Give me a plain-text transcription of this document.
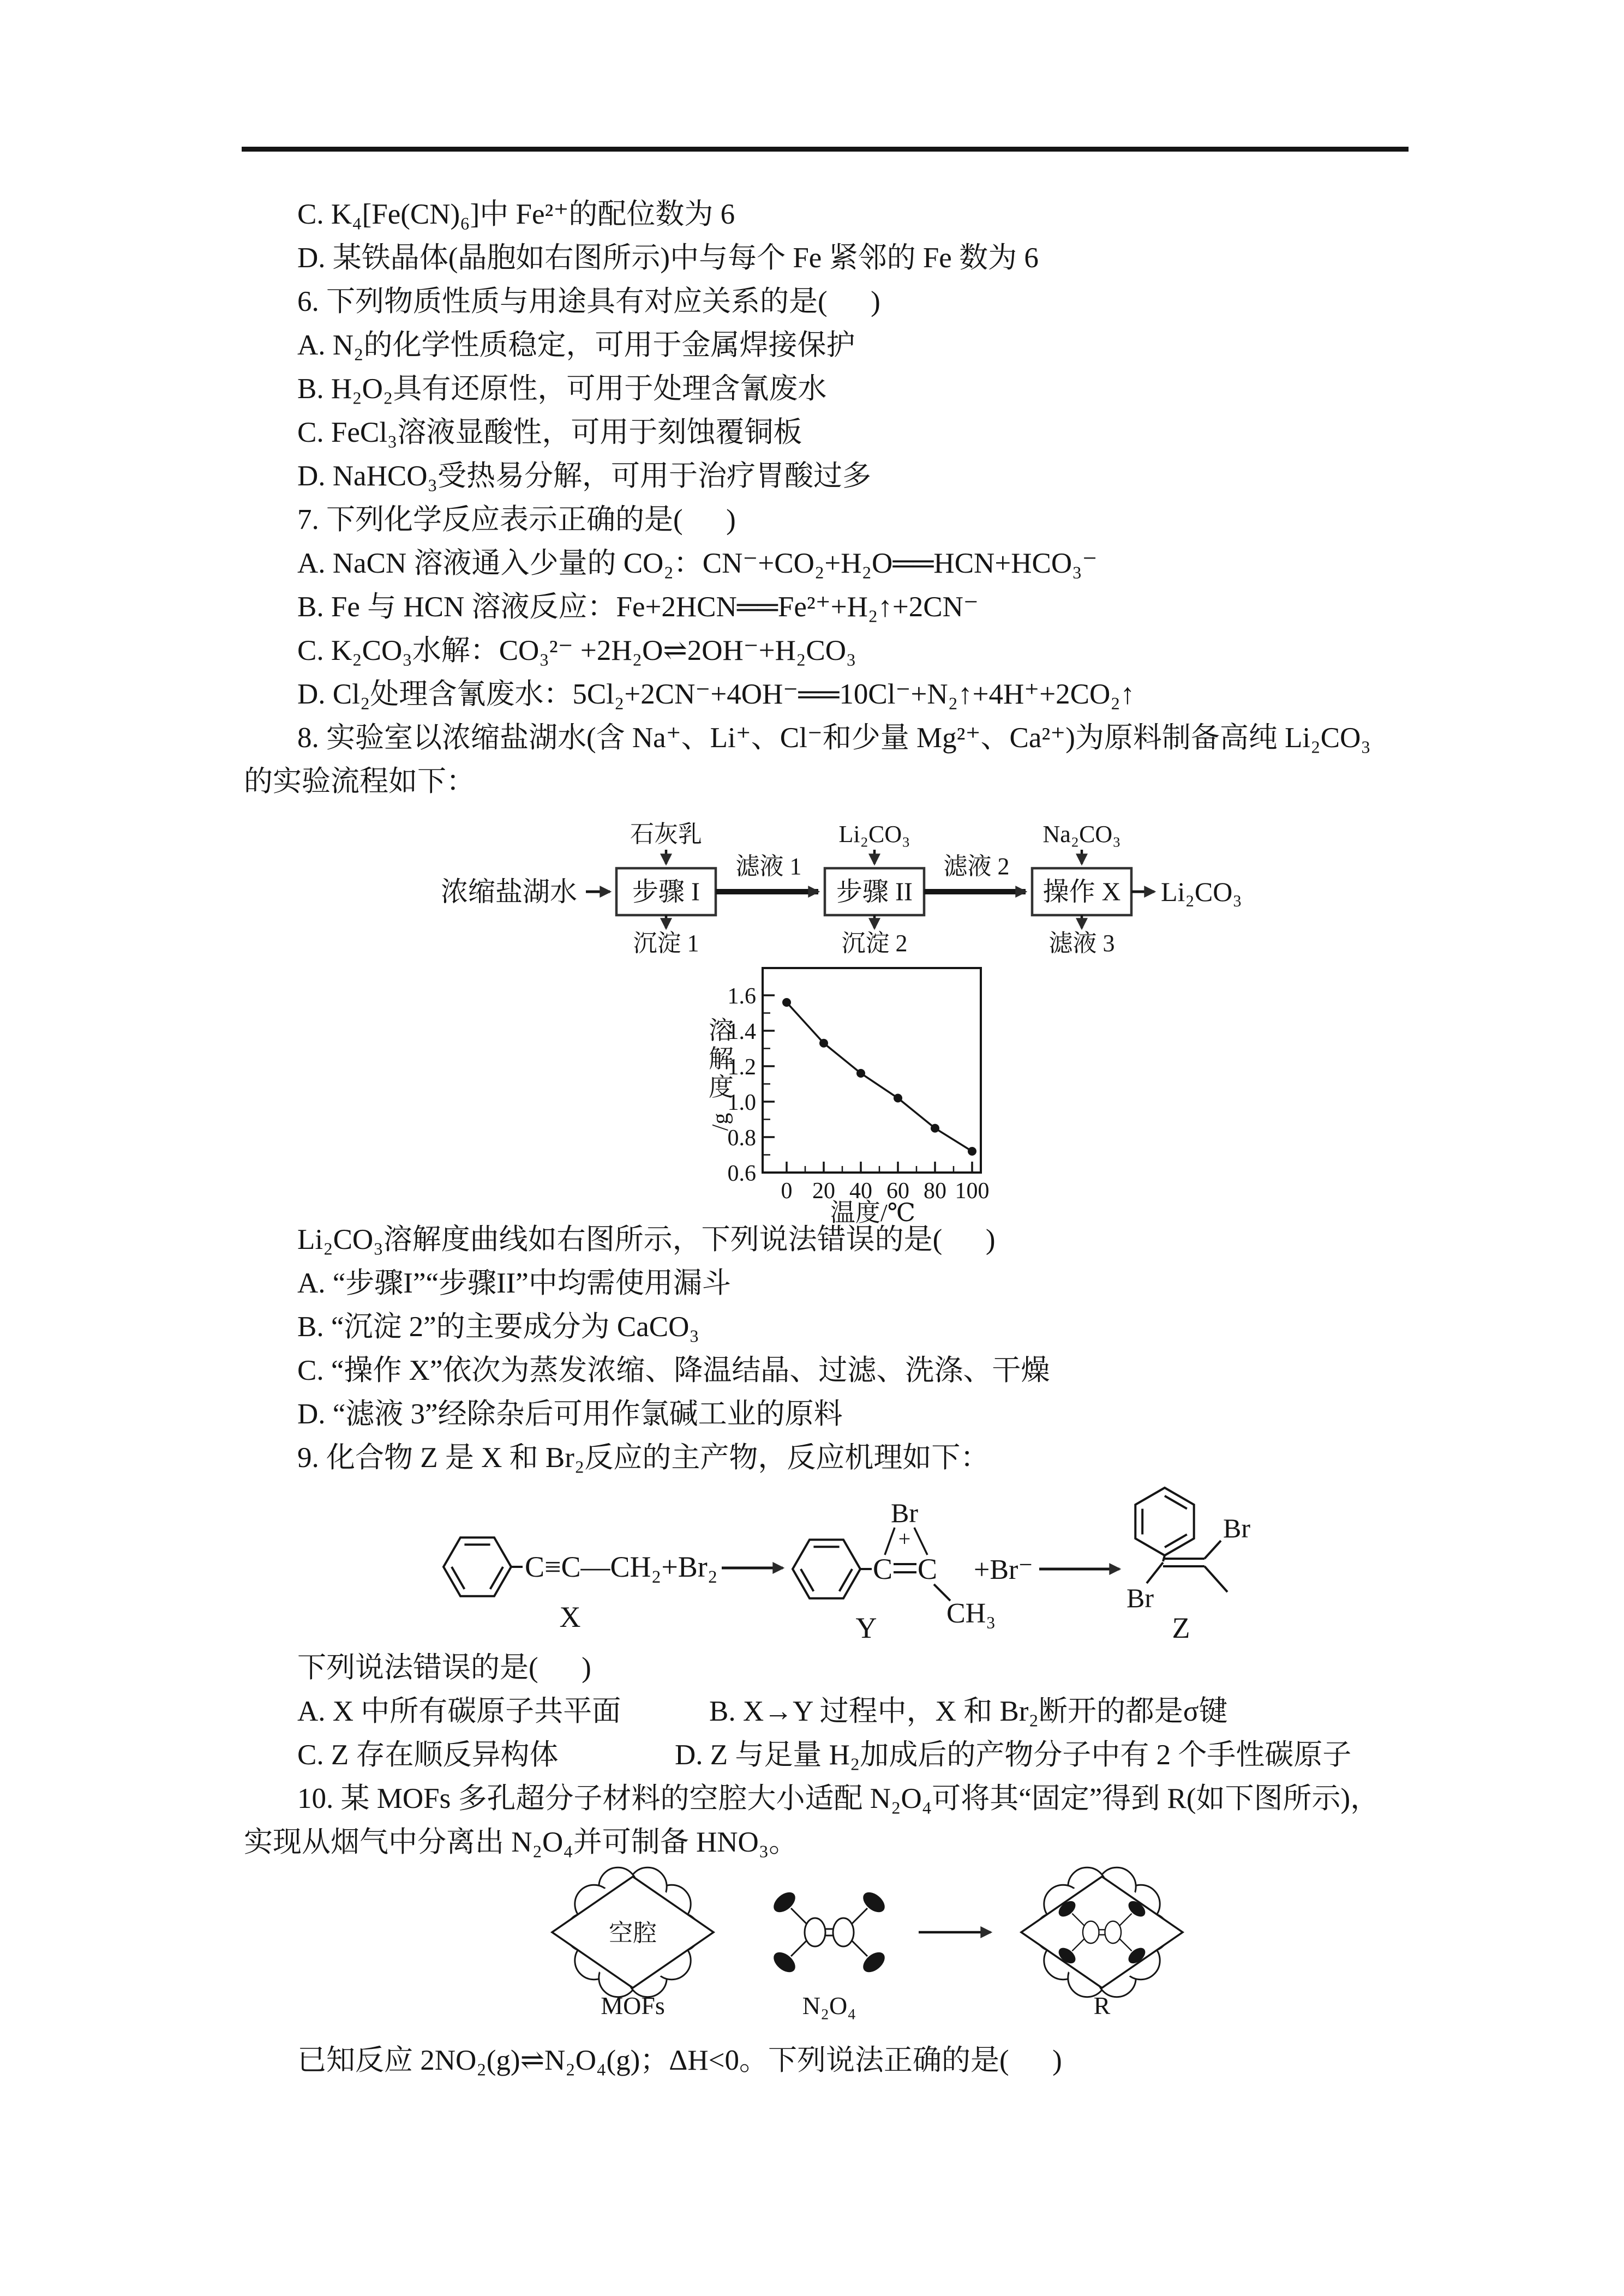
C. K₄[Fe(CN)₆]中 Fe²⁺的配位数为 6
D. 某铁晶体(晶胞如右图所示)中与每个 Fe 紧邻的 Fe 数为 6
6. 下列物质性质与用途具有对应关系的是(      )
A. N₂的化学性质稳定，可用于金属焊接保护
B. H₂O₂具有还原性，可用于处理含氰废水
C. FeCl₃溶液显酸性，可用于刻蚀覆铜板
D. NaHCO₃受热易分解，可用于治疗胃酸过多
7. 下列化学反应表示正确的是(      )
A. NaCN 溶液通入少量的 CO₂：CN⁻+CO₂+H₂O══HCN+HCO₃⁻
B. Fe 与 HCN 溶液反应：Fe+2HCN══Fe²⁺+H₂↑+2CN⁻
C. K₂CO₃水解：CO₃²⁻ +2H₂O⇌2OH⁻+H₂CO₃
D. Cl₂处理含氰废水：5Cl₂+2CN⁻+4OH⁻══10Cl⁻+N₂↑+4H⁺+2CO₂↑
8. 实验室以浓缩盐湖水(含 Na⁺、Li⁺、Cl⁻和少量 Mg²⁺、Ca²⁺)为原料制备高纯 Li₂CO₃
的实验流程如下：
浓缩盐湖水 步骤 I
滤液 1
步骤 II
滤液 2
操作 X Li₂CO₃
石灰乳	Li₂CO₃	Na₂CO₃
沉淀 1	沉淀 2	滤液 3
0.6
0.8
1.0
1.2
1.4
1.6
0 20 40 60 80 100
温度/℃
溶
解
度
/g
Li₂CO₃溶解度曲线如右图所示，下列说法错误的是(      )
A. “步骤I”“步骤II”中均需使用漏斗
B. “沉淀 2”的主要成分为 CaCO₃
C. “操作 X”依次为蒸发浓缩、降温结晶、过滤、洗涤、干燥
D. “滤液 3”经除杂后可用作氯碱工业的原料
9. 化合物 Z 是 X 和 Br₂反应的主产物，反应机理如下：
C≡C—CH₂+Br₂
X
C C
Br
+
CH₃
+Br⁻
Y
Br
Br
Z
下列说法错误的是(      )
A. X 中所有碳原子共平面	B. X→Y 过程中，X 和 Br₂断开的都是σ键
C. Z 存在顺反异构体	D. Z 与足量 H₂加成后的产物分子中有 2 个手性碳原子
10. 某 MOFs 多孔超分子材料的空腔大小适配 N₂O₄可将其“固定”得到 R(如下图所示)，
实现从烟气中分离出 N₂O₄并可制备 HNO₃。
空腔
MOFs	N₂O₄	R
已知反应 2NO₂(g)⇌N₂O₄(g)；ΔH<0。下列说法正确的是(      )
